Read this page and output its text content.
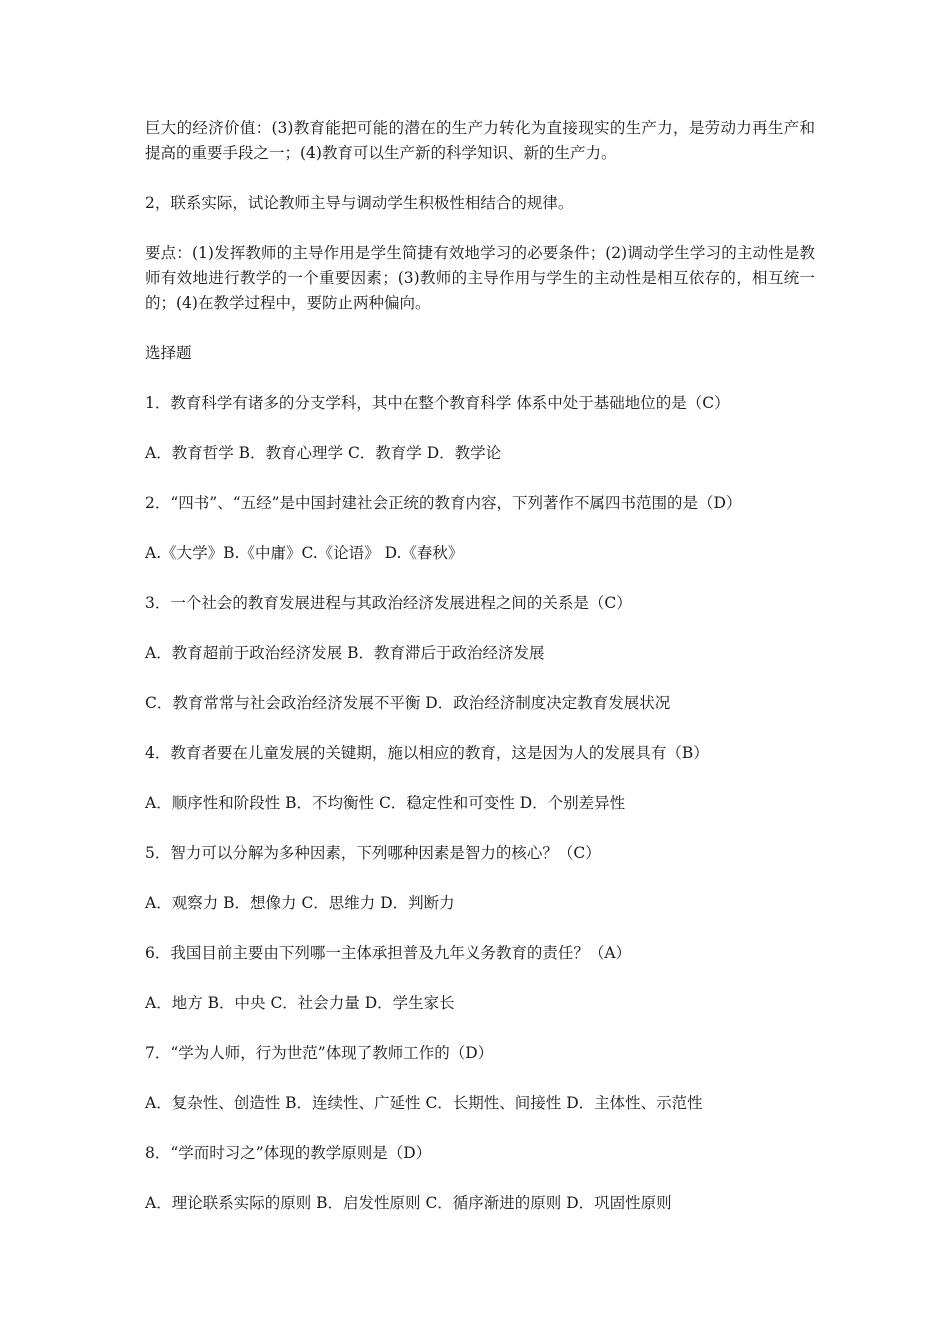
巨大的经济价值：(3)教育能把可能的潜在的生产力转化为直接现实的生产力，是劳动力再生产和提高的重要手段之一；(4)教育可以生产新的科学知识、新的生产力。

2，联系实际，试论教师主导与调动学生积极性相结合的规律。

要点：(1)发挥教师的主导作用是学生简捷有效地学习的必要条件；(2)调动学生学习的主动性是教师有效地进行教学的一个重要因素；(3)教师的主导作用与学生的主动性是相互依存的，相互统一的；(4)在教学过程中，要防止两种偏向。

选择题

1．教育科学有诸多的分支学科，其中在整个教育科学 体系中处于基础地位的是（C）

A．教育哲学 B．教育心理学 C．教育学 D．教学论

2．“四书”、“五经”是中国封建社会正统的教育内容，下列著作不属四书范围的是（D）

A.《大学》B.《中庸》C.《论语》 D.《春秋》

3．一个社会的教育发展进程与其政治经济发展进程之间的关系是（C）

A．教育超前于政治经济发展 B．教育滞后于政治经济发展

C．教育常常与社会政治经济发展不平衡 D．政治经济制度决定教育发展状况

4．教育者要在儿童发展的关键期，施以相应的教育，这是因为人的发展具有（B）

A．顺序性和阶段性 B．不均衡性 C．稳定性和可变性 D．个别差异性

5．智力可以分解为多种因素，下列哪种因素是智力的核心？（C）

A．观察力 B．想像力 C．思维力 D．判断力

6．我国目前主要由下列哪一主体承担普及九年义务教育的责任？（A）

A．地方 B．中央 C．社会力量 D．学生家长

7．“学为人师，行为世范”体现了教师工作的（D）

A．复杂性、创造性 B．连续性、广延性 C．长期性、间接性 D．主体性、示范性

8．“学而时习之”体现的教学原则是（D）

A．理论联系实际的原则 B．启发性原则 C．循序渐进的原则 D．巩固性原则
